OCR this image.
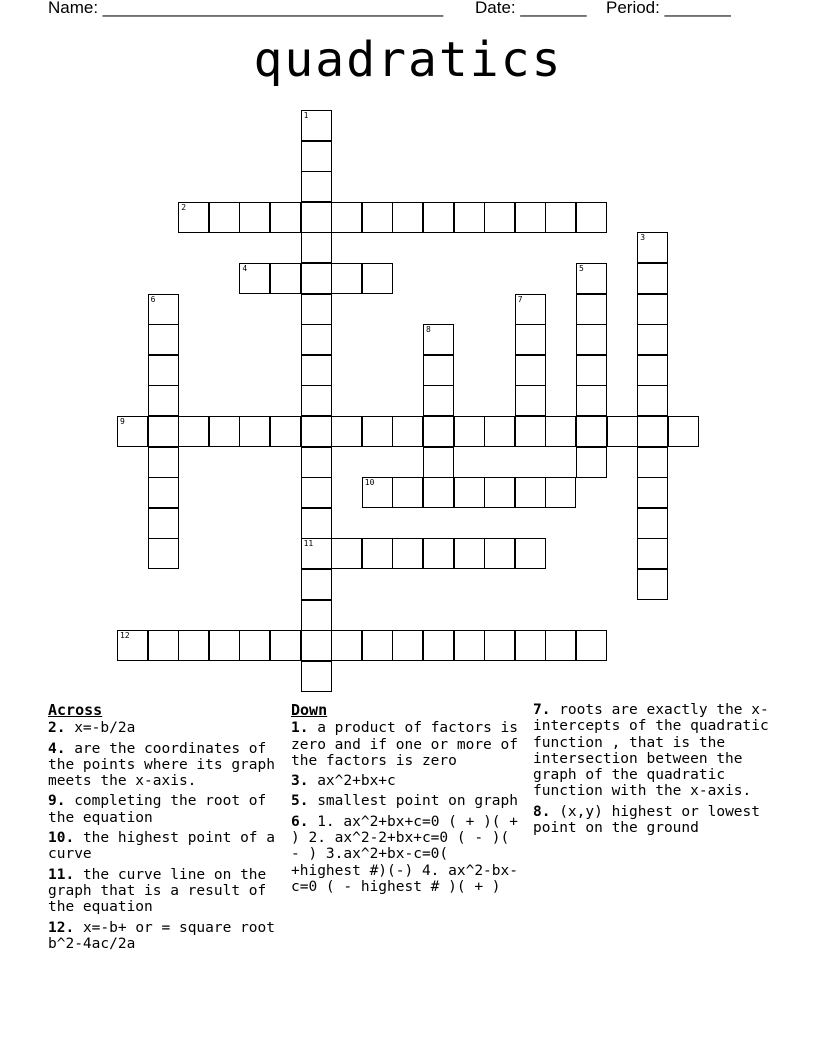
Name: ____________________________________ Date: _______ Period: _______
quadratics
1
11
2
3
4	5
6	7
8
9
10
12
Across
2. x=-b/2a
4. are the coordinates of the points where its graph meets the x-axis.
9. completing the root of the equation
10. the highest point of a curve
11. the curve line on the graph that is a result of the equation
12. x=-b+ or = square root b^2-4ac/2a
Down
1. a product of factors is zero and if one or more of the factors is zero
3. ax^2+bx+c
5. smallest point on graph
6. 1. ax^2+bx+c=0 ( + )( + ) 2. ax^2-2+bx+c=0 ( - )( - ) 3.ax^2+bx-c=0( +highest #)(-) 4. ax^2-bx-c=0 ( - highest # )( + )
7. roots are exactly the x-intercepts of the quadratic function , that is the intersection between the graph of the quadratic function with the x-axis.
8. (x,y) highest or lowest point on the ground
